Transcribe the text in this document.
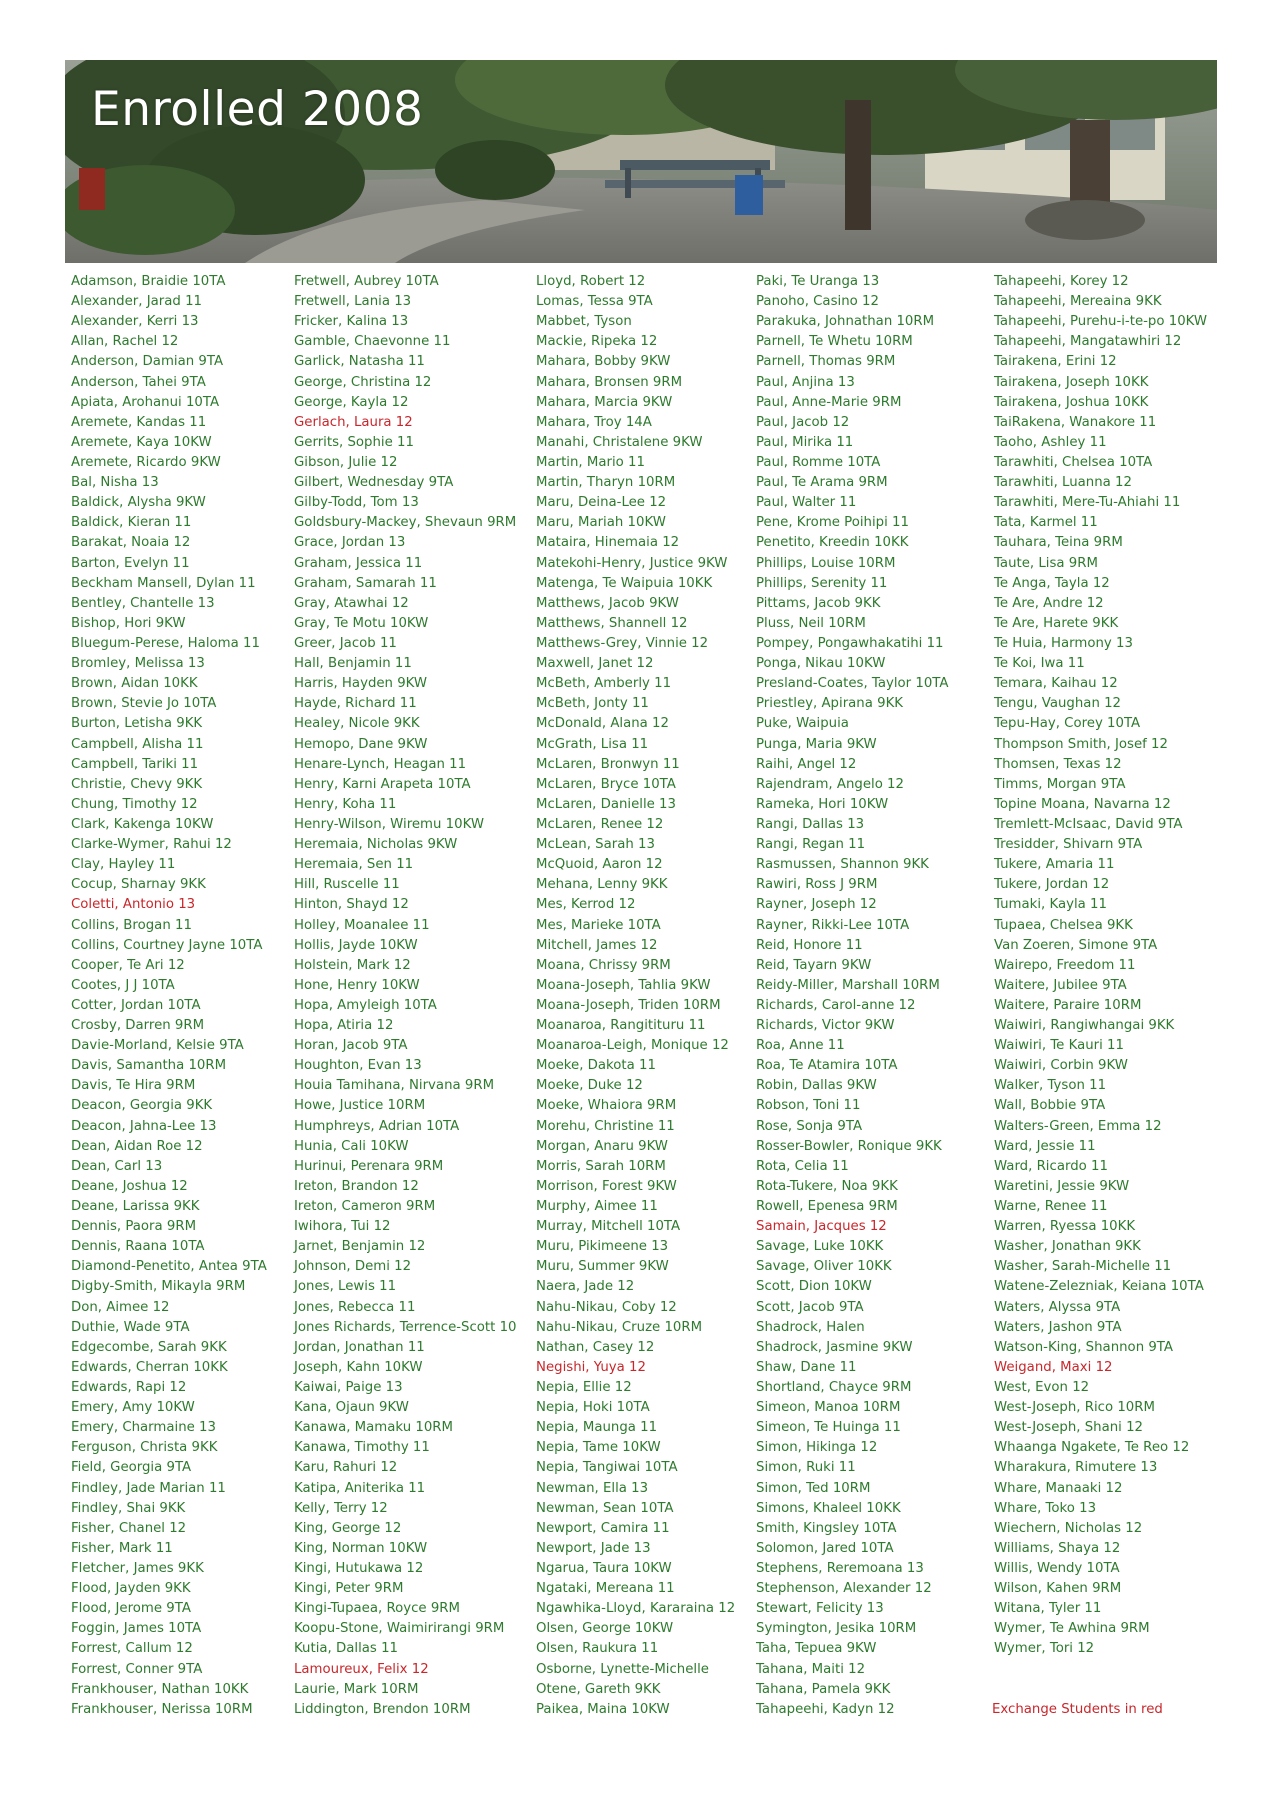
Enrolled 2008
Adamson, Braidie 10TA
Alexander, Jarad 11
Alexander, Kerri 13
Allan, Rachel 12
Anderson, Damian 9TA
Anderson, Tahei 9TA
Apiata, Arohanui 10TA
Aremete, Kandas 11
Aremete, Kaya 10KW
Aremete, Ricardo 9KW
Bal, Nisha 13
Baldick, Alysha 9KW
Baldick, Kieran 11
Barakat, Noaia 12
Barton, Evelyn 11
Beckham Mansell, Dylan 11
Bentley, Chantelle 13
Bishop, Hori 9KW
Bluegum-Perese, Haloma 11
Bromley, Melissa 13
Brown, Aidan 10KK
Brown, Stevie Jo 10TA
Burton, Letisha 9KK
Campbell, Alisha 11
Campbell, Tariki 11
Christie, Chevy 9KK
Chung, Timothy 12
Clark, Kakenga 10KW
Clarke-Wymer, Rahui 12
Clay, Hayley 11
Cocup, Sharnay 9KK
Coletti, Antonio 13
Collins, Brogan 11
Collins, Courtney Jayne 10TA
Cooper, Te Ari 12
Cootes, J J 10TA
Cotter, Jordan 10TA
Crosby, Darren 9RM
Davie-Morland, Kelsie 9TA
Davis, Samantha 10RM
Davis, Te Hira 9RM
Deacon, Georgia 9KK
Deacon, Jahna-Lee 13
Dean, Aidan Roe 12
Dean, Carl 13
Deane, Joshua 12
Deane, Larissa 9KK
Dennis, Paora 9RM
Dennis, Raana 10TA
Diamond-Penetito, Antea 9TA
Digby-Smith, Mikayla 9RM
Don, Aimee 12
Duthie, Wade 9TA
Edgecombe, Sarah 9KK
Edwards, Cherran 10KK
Edwards, Rapi 12
Emery, Amy 10KW
Emery, Charmaine 13
Ferguson, Christa 9KK
Field, Georgia 9TA
Findley, Jade Marian 11
Findley, Shai 9KK
Fisher, Chanel 12
Fisher, Mark 11
Fletcher, James 9KK
Flood, Jayden 9KK
Flood, Jerome 9TA
Foggin, James 10TA
Forrest, Callum 12
Forrest, Conner 9TA
Frankhouser, Nathan 10KK
Frankhouser, Nerissa 10RM
Fretwell, Aubrey 10TA
Fretwell, Lania 13
Fricker, Kalina 13
Gamble, Chaevonne 11
Garlick, Natasha 11
George, Christina 12
George, Kayla 12
Gerlach, Laura 12
Gerrits, Sophie 11
Gibson, Julie 12
Gilbert, Wednesday 9TA
Gilby-Todd, Tom 13
Goldsbury-Mackey, Shevaun 9RM
Grace, Jordan 13
Graham, Jessica 11
Graham, Samarah 11
Gray, Atawhai 12
Gray, Te Motu 10KW
Greer, Jacob 11
Hall, Benjamin 11
Harris, Hayden 9KW
Hayde, Richard 11
Healey, Nicole 9KK
Hemopo, Dane 9KW
Henare-Lynch, Heagan 11
Henry, Karni Arapeta 10TA
Henry, Koha 11
Henry-Wilson, Wiremu 10KW
Heremaia, Nicholas 9KW
Heremaia, Sen 11
Hill, Ruscelle 11
Hinton, Shayd 12
Holley, Moanalee 11
Hollis, Jayde 10KW
Holstein, Mark 12
Hone, Henry 10KW
Hopa, Amyleigh 10TA
Hopa, Atiria 12
Horan, Jacob 9TA
Houghton, Evan 13
Houia Tamihana, Nirvana 9RM
Howe, Justice 10RM
Humphreys, Adrian 10TA
Hunia, Cali 10KW
Hurinui, Perenara 9RM
Ireton, Brandon 12
Ireton, Cameron 9RM
Iwihora, Tui 12
Jarnet, Benjamin 12
Johnson, Demi 12
Jones, Lewis 11
Jones, Rebecca 11
Jones Richards, Terrence-Scott 10
Jordan, Jonathan 11
Joseph, Kahn 10KW
Kaiwai, Paige 13
Kana, Ojaun 9KW
Kanawa, Mamaku 10RM
Kanawa, Timothy 11
Karu, Rahuri 12
Katipa, Aniterika 11
Kelly, Terry 12
King, George 12
King, Norman 10KW
Kingi, Hutukawa 12
Kingi, Peter 9RM
Kingi-Tupaea, Royce 9RM
Koopu-Stone, Waimirirangi 9RM
Kutia, Dallas 11
Lamoureux, Felix 12
Laurie, Mark 10RM
Liddington, Brendon 10RM
Lloyd, Robert 12
Lomas, Tessa 9TA
Mabbet, Tyson
Mackie, Ripeka 12
Mahara, Bobby 9KW
Mahara, Bronsen 9RM
Mahara, Marcia 9KW
Mahara, Troy 14A
Manahi, Christalene 9KW
Martin, Mario 11
Martin, Tharyn 10RM
Maru, Deina-Lee 12
Maru, Mariah 10KW
Mataira, Hinemaia 12
Matekohi-Henry, Justice 9KW
Matenga, Te Waipuia 10KK
Matthews, Jacob 9KW
Matthews, Shannell 12
Matthews-Grey, Vinnie 12
Maxwell, Janet 12
McBeth, Amberly 11
McBeth, Jonty 11
McDonald, Alana 12
McGrath, Lisa 11
McLaren, Bronwyn 11
McLaren, Bryce 10TA
McLaren, Danielle 13
McLaren, Renee 12
McLean, Sarah 13
McQuoid, Aaron 12
Mehana, Lenny 9KK
Mes, Kerrod 12
Mes, Marieke 10TA
Mitchell, James 12
Moana, Chrissy 9RM
Moana-Joseph, Tahlia 9KW
Moana-Joseph, Triden 10RM
Moanaroa, Rangitituru 11
Moanaroa-Leigh, Monique 12
Moeke, Dakota 11
Moeke, Duke 12
Moeke, Whaiora 9RM
Morehu, Christine 11
Morgan, Anaru 9KW
Morris, Sarah 10RM
Morrison, Forest 9KW
Murphy, Aimee 11
Murray, Mitchell 10TA
Muru, Pikimeene 13
Muru, Summer 9KW
Naera, Jade 12
Nahu-Nikau, Coby 12
Nahu-Nikau, Cruze 10RM
Nathan, Casey 12
Negishi, Yuya 12
Nepia, Ellie 12
Nepia, Hoki 10TA
Nepia, Maunga 11
Nepia, Tame 10KW
Nepia, Tangiwai 10TA
Newman, Ella 13
Newman, Sean 10TA
Newport, Camira 11
Newport, Jade 13
Ngarua, Taura 10KW
Ngataki, Mereana 11
Ngawhika-Lloyd, Kararaina 12
Olsen, George 10KW
Olsen, Raukura 11
Osborne, Lynette-Michelle
Otene, Gareth 9KK
Paikea, Maina 10KW
Paki, Te Uranga 13
Panoho, Casino 12
Parakuka, Johnathan 10RM
Parnell, Te Whetu 10RM
Parnell, Thomas 9RM
Paul, Anjina 13
Paul, Anne-Marie 9RM
Paul, Jacob 12
Paul, Mirika 11
Paul, Romme 10TA
Paul, Te Arama 9RM
Paul, Walter 11
Pene, Krome Poihipi 11
Penetito, Kreedin 10KK
Phillips, Louise 10RM
Phillips, Serenity 11
Pittams, Jacob 9KK
Pluss, Neil 10RM
Pompey, Pongawhakatihi 11
Ponga, Nikau 10KW
Presland-Coates, Taylor 10TA
Priestley, Apirana 9KK
Puke, Waipuia
Punga, Maria 9KW
Raihi, Angel 12
Rajendram, Angelo 12
Rameka, Hori 10KW
Rangi, Dallas 13
Rangi, Regan 11
Rasmussen, Shannon 9KK
Rawiri, Ross J 9RM
Rayner, Joseph 12
Rayner, Rikki-Lee 10TA
Reid, Honore 11
Reid, Tayarn 9KW
Reidy-Miller, Marshall 10RM
Richards, Carol-anne 12
Richards, Victor 9KW
Roa, Anne 11
Roa, Te Atamira 10TA
Robin, Dallas 9KW
Robson, Toni 11
Rose, Sonja 9TA
Rosser-Bowler, Ronique 9KK
Rota, Celia 11
Rota-Tukere, Noa 9KK
Rowell, Epenesa 9RM
Samain, Jacques 12
Savage, Luke 10KK
Savage, Oliver 10KK
Scott, Dion 10KW
Scott, Jacob 9TA
Shadrock, Halen
Shadrock, Jasmine 9KW
Shaw, Dane 11
Shortland, Chayce 9RM
Simeon, Manoa 10RM
Simeon, Te Huinga 11
Simon, Hikinga 12
Simon, Ruki 11
Simon, Ted 10RM
Simons, Khaleel 10KK
Smith, Kingsley 10TA
Solomon, Jared 10TA
Stephens, Reremoana 13
Stephenson, Alexander 12
Stewart, Felicity 13
Symington, Jesika 10RM
Taha, Tepuea 9KW
Tahana, Maiti 12
Tahana, Pamela 9KK
Tahapeehi, Kadyn 12
Tahapeehi, Korey 12
Tahapeehi, Mereaina 9KK
Tahapeehi, Purehu-i-te-po 10KW
Tahapeehi, Mangatawhiri 12
Tairakena, Erini 12
Tairakena, Joseph 10KK
Tairakena, Joshua 10KK
TaiRakena, Wanakore 11
Taoho, Ashley 11
Tarawhiti, Chelsea 10TA
Tarawhiti, Luanna 12
Tarawhiti, Mere-Tu-Ahiahi 11
Tata, Karmel 11
Tauhara, Teina 9RM
Taute, Lisa 9RM
Te Anga, Tayla 12
Te Are, Andre 12
Te Are, Harete 9KK
Te Huia, Harmony 13
Te Koi, Iwa 11
Temara, Kaihau 12
Tengu, Vaughan 12
Tepu-Hay, Corey 10TA
Thompson Smith, Josef 12
Thomsen, Texas 12
Timms, Morgan 9TA
Topine Moana, Navarna 12
Tremlett-McIsaac, David 9TA
Tresidder, Shivarn 9TA
Tukere, Amaria 11
Tukere, Jordan 12
Tumaki, Kayla 11
Tupaea, Chelsea 9KK
Van Zoeren, Simone 9TA
Wairepo, Freedom 11
Waitere, Jubilee 9TA
Waitere, Paraire 10RM
Waiwiri, Rangiwhangai 9KK
Waiwiri, Te Kauri 11
Waiwiri, Corbin 9KW
Walker, Tyson 11
Wall, Bobbie 9TA
Walters-Green, Emma 12
Ward, Jessie 11
Ward, Ricardo 11
Waretini, Jessie 9KW
Warne, Renee 11
Warren, Ryessa 10KK
Washer, Jonathan 9KK
Washer, Sarah-Michelle 11
Watene-Zelezniak, Keiana 10TA
Waters, Alyssa 9TA
Waters, Jashon 9TA
Watson-King, Shannon 9TA
Weigand, Maxi 12
West, Evon 12
West-Joseph, Rico 10RM
West-Joseph, Shani 12
Whaanga Ngakete, Te Reo 12
Wharakura, Rimutere 13
Whare, Manaaki 12
Whare, Toko 13
Wiechern, Nicholas 12
Williams, Shaya 12
Willis, Wendy 10TA
Wilson, Kahen 9RM
Witana, Tyler 11
Wymer, Te Awhina 9RM
Wymer, Tori 12
Exchange Students in red
